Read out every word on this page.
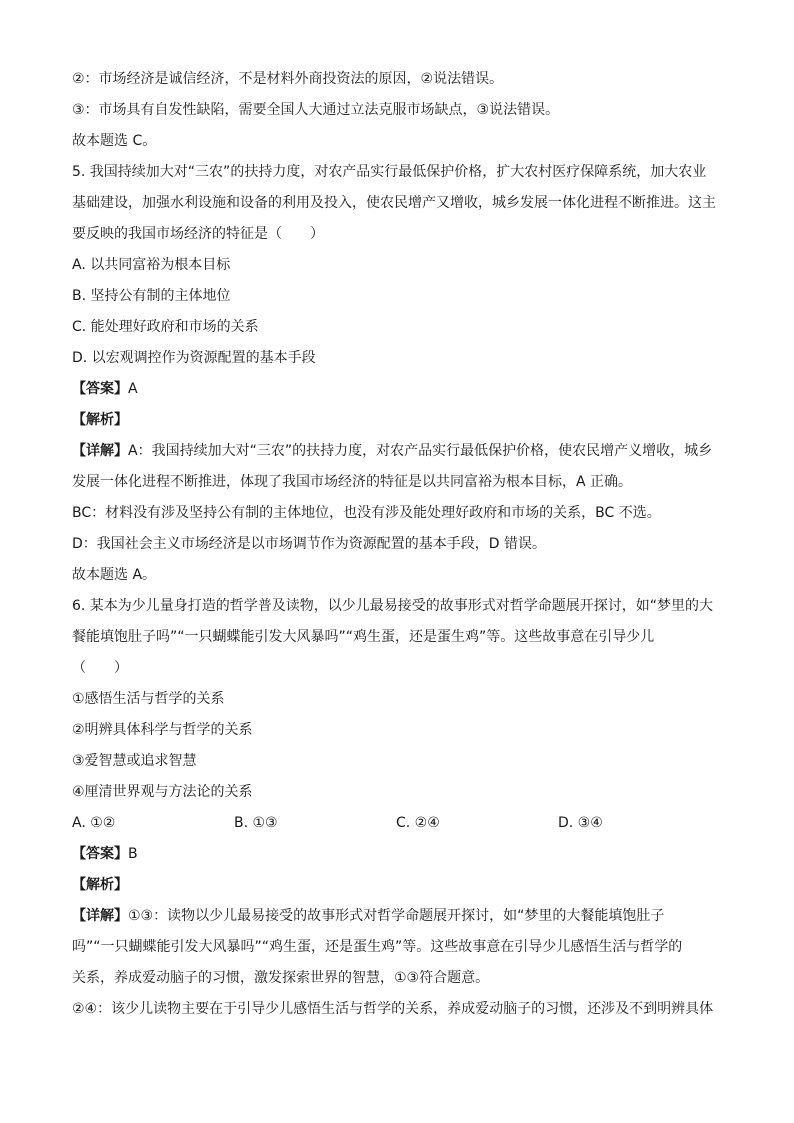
②：市场经济是诚信经济，不是材料外商投资法的原因，②说法错误。

③：市场具有自发性缺陷，需要全国人大通过立法克服市场缺点，③说法错误。

故本题选 C。

5. 我国持续加大对“三农”的扶持力度，对农产品实行最低保护价格，扩大农村医疗保障系统，加大农业

基础建设，加强水利设施和设备的利用及投入，使农民增产又增收，城乡发展一体化进程不断推进。这主

要反映的我国市场经济的特征是（　　）

A. 以共同富裕为根本目标

B. 坚持公有制的主体地位

C. 能处理好政府和市场的关系

D. 以宏观调控作为资源配置的基本手段

【答案】A

【解析】

【详解】A：我国持续加大对“三农”的扶持力度，对农产品实行最低保护价格，使农民增产义增收，城乡

发展一体化进程不断推进，体现了我国市场经济的特征是以共同富裕为根本目标，A 正确。

BC：材料没有涉及坚持公有制的主体地位，也没有涉及能处理好政府和市场的关系，BC 不选。

D：我国社会主义市场经济是以市场调节作为资源配置的基本手段，D 错误。

故本题选 A。

6. 某本为少儿量身打造的哲学普及读物，以少儿最易接受的故事形式对哲学命题展开探讨，如“梦里的大

餐能填饱肚子吗”“一只蝴蝶能引发大风暴吗”“鸡生蛋，还是蛋生鸡”等。这些故事意在引导少儿

（　　）

①感悟生活与哲学的关系

②明辨具体科学与哲学的关系

③爱智慧或追求智慧

④厘清世界观与方法论的关系

A. ①②	B. ①③	C. ②④	D. ③④

【答案】B

【解析】

【详解】①③：读物以少儿最易接受的故事形式对哲学命题展开探讨，如“梦里的大餐能填饱肚子

吗”“一只蝴蝶能引发大风暴吗”“鸡生蛋，还是蛋生鸡”等。这些故事意在引导少儿感悟生活与哲学的

关系，养成爱动脑子的习惯，激发探索世界的智慧，①③符合题意。

②④：该少儿读物主要在于引导少儿感悟生活与哲学的关系，养成爱动脑子的习惯，还涉及不到明辨具体
